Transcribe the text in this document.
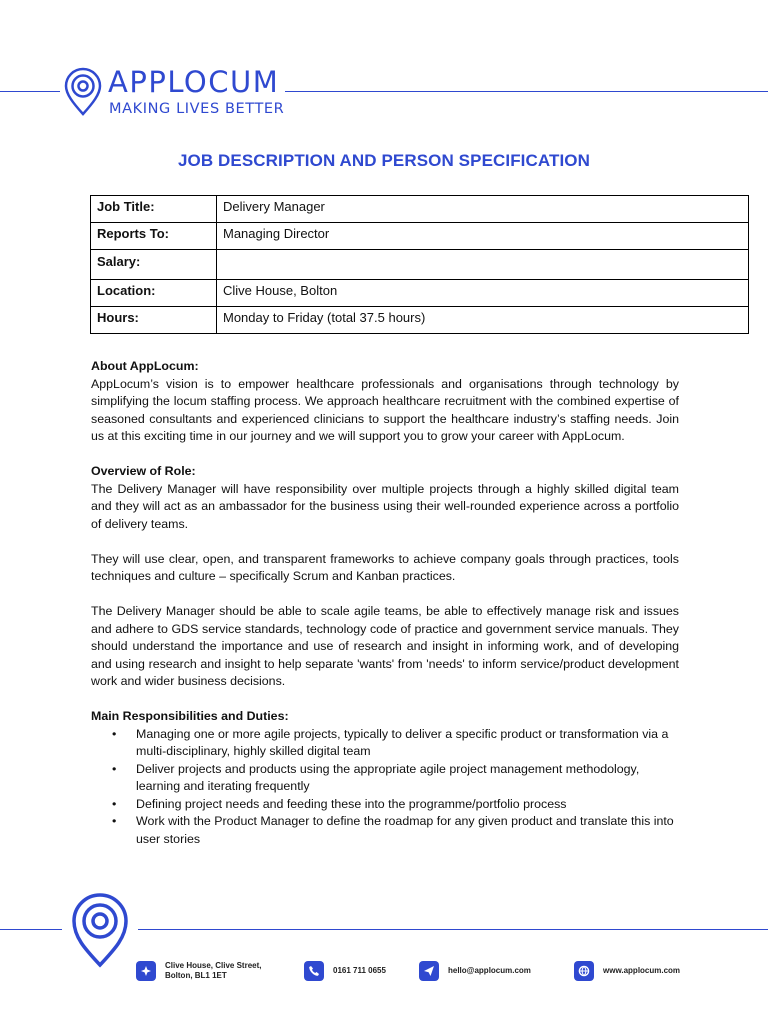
APPLOCUM
MAKING LIVES BETTER
JOB DESCRIPTION AND PERSON SPECIFICATION
Job Title:	Delivery Manager
Reports To:	Managing Director
Salary:	
Location:	Clive House, Bolton
Hours:	Monday to Friday (total 37.5 hours)
About AppLocum:

AppLocum’s vision is to empower healthcare professionals and organisations through technology by simplifying the locum staffing process. We approach healthcare recruitment with the combined expertise of seasoned consultants and experienced clinicians to support the healthcare industry’s staffing needs. Join us at this exciting time in our journey and we will support you to grow your career with AppLocum.

Overview of Role:

The Delivery Manager will have responsibility over multiple projects through a highly skilled digital team and they will act as an ambassador for the business using their well-rounded experience across a portfolio of delivery teams.

They will use clear, open, and transparent frameworks to achieve company goals through practices, tools techniques and culture – specifically Scrum and Kanban practices.

The Delivery Manager should be able to scale agile teams, be able to effectively manage risk and issues and adhere to GDS service standards, technology code of practice and government service manuals. They should understand the importance and use of research and insight in informing work, and of developing and using research and insight to help separate 'wants' from 'needs' to inform service/product development work and wider business decisions.

Main Responsibilities and Duties:
• Managing one or more agile projects, typically to deliver a specific product or transformation via a multi-disciplinary, highly skilled digital team
• Deliver projects and products using the appropriate agile project management methodology, learning and iterating frequently
• Defining project needs and feeding these into the programme/portfolio process
• Work with the Product Manager to define the roadmap for any given product and translate this into user stories
Clive House, Clive Street,
Bolton, BL1 1ET
0161 711 0655	hello@applocum.com	www.applocum.com
